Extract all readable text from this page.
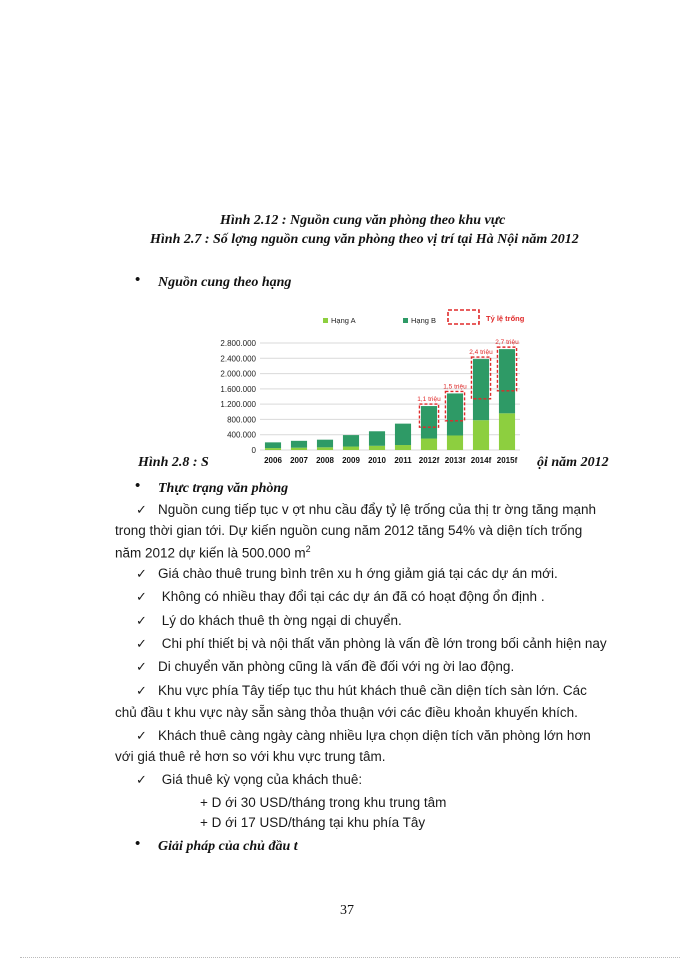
Hình 2.12 : Nguồn cung văn phòng theo khu vực
Hình 2.7 : Số lợng nguồn cung văn phòng theo vị trí tại Hà Nội năm 2012
• Nguồn cung theo hạng
0
400.000
800.000
1.200.000
1.600.000
2.000.000
2.400.000
2.800.000
1,1 triệu
1,5 triệu
2,4 triệu
2,7 triệu
Hạng A	Hạng B	Tỷ lệ trống
2006 2007 2008 2009 2010 2011 2012f 2013f 2014f 2015f
Hình 2.8 : S	ội năm 2012
• Thực trạng văn phòng
✓ Nguồn cung tiếp tục v ợt nhu cầu đẩy tỷ lệ trống của thị tr ờng tăng mạnh
trong thời gian tới. Dự kiến nguồn cung năm 2012 tăng 54% và diện tích trống
năm 2012 dự kiến là 500.000 $m^2$
✓ Giá chào thuê trung bình trên xu h ớng giảm giá tại các dự án mới.
✓ Không có nhiều thay đổi tại các dự án đã có hoạt động ổn định .
✓ Lý do khách thuê th ờng ngại di chuyển.
✓ Chi phí thiết bị và nội thất văn phòng là vấn đề lớn trong bối cảnh hiện nay
✓ Di chuyển văn phòng cũng là vấn đề đối với ng ời lao động.
✓ Khu vực phía Tây tiếp tục thu hút khách thuê cần diện tích sàn lớn. Các
chủ đầu t khu vực này sẵn sàng thỏa thuận với các điều khoản khuyến khích.
✓ Khách thuê càng ngày càng nhiều lựa chọn diện tích văn phòng lớn hơn
với giá thuê rẻ hơn so với khu vực trung tâm.
✓ Giá thuê kỳ vọng của khách thuê:
+ D ới 30 USD/tháng trong khu trung tâm
+ D ới 17 USD/tháng tại khu phía Tây
• Giải pháp của chủ đầu t
37
